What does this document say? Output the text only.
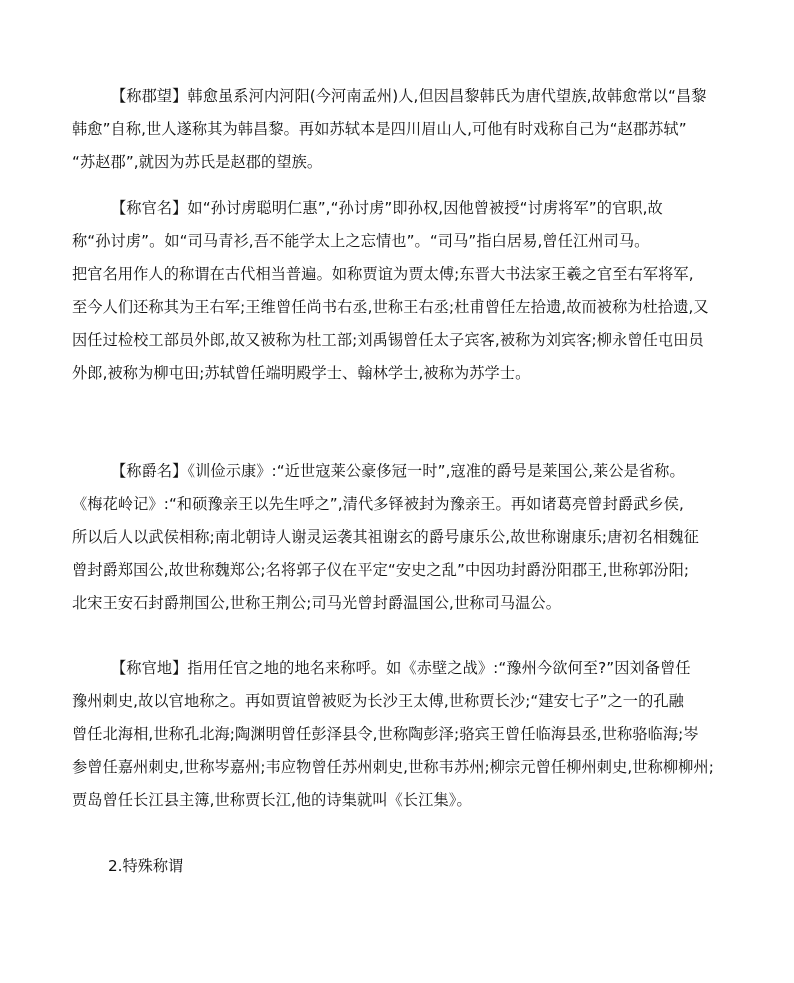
【称郡望】韩愈虽系河内河阳(今河南孟州)人,但因昌黎韩氏为唐代望族,故韩愈常以“昌黎
韩愈”自称,世人遂称其为韩昌黎。再如苏轼本是四川眉山人,可他有时戏称自己为“赵郡苏轼”
“苏赵郡”,就因为苏氏是赵郡的望族。
【称官名】如“孙讨虏聪明仁惠”,“孙讨虏”即孙权,因他曾被授“讨虏将军”的官职,故
称“孙讨虏”。如“司马青衫,吾不能学太上之忘情也”。“司马”指白居易,曾任江州司马。
把官名用作人的称谓在古代相当普遍。如称贾谊为贾太傅;东晋大书法家王羲之官至右军将军,
至今人们还称其为王右军;王维曾任尚书右丞,世称王右丞;杜甫曾任左拾遗,故而被称为杜拾遗,又
因任过检校工部员外郎,故又被称为杜工部;刘禹锡曾任太子宾客,被称为刘宾客;柳永曾任屯田员
外郎,被称为柳屯田;苏轼曾任端明殿学士、翰林学士,被称为苏学士。
【称爵名】《训俭示康》:“近世寇莱公豪侈冠一时”,寇准的爵号是莱国公,莱公是省称。
《梅花岭记》:“和硕豫亲王以先生呼之”,清代多铎被封为豫亲王。再如诸葛亮曾封爵武乡侯,
所以后人以武侯相称;南北朝诗人谢灵运袭其祖谢玄的爵号康乐公,故世称谢康乐;唐初名相魏征
曾封爵郑国公,故世称魏郑公;名将郭子仪在平定“安史之乱”中因功封爵汾阳郡王,世称郭汾阳;
北宋王安石封爵荆国公,世称王荆公;司马光曾封爵温国公,世称司马温公。
【称官地】指用任官之地的地名来称呼。如《赤壁之战》:“豫州今欲何至?”因刘备曾任
豫州刺史,故以官地称之。再如贾谊曾被贬为长沙王太傅,世称贾长沙;“建安七子”之一的孔融
曾任北海相,世称孔北海;陶渊明曾任彭泽县令,世称陶彭泽;骆宾王曾任临海县丞,世称骆临海;岑
参曾任嘉州刺史,世称岑嘉州;韦应物曾任苏州刺史,世称韦苏州;柳宗元曾任柳州刺史,世称柳柳州;
贾岛曾任长江县主簿,世称贾长江,他的诗集就叫《长江集》。
2.特殊称谓
